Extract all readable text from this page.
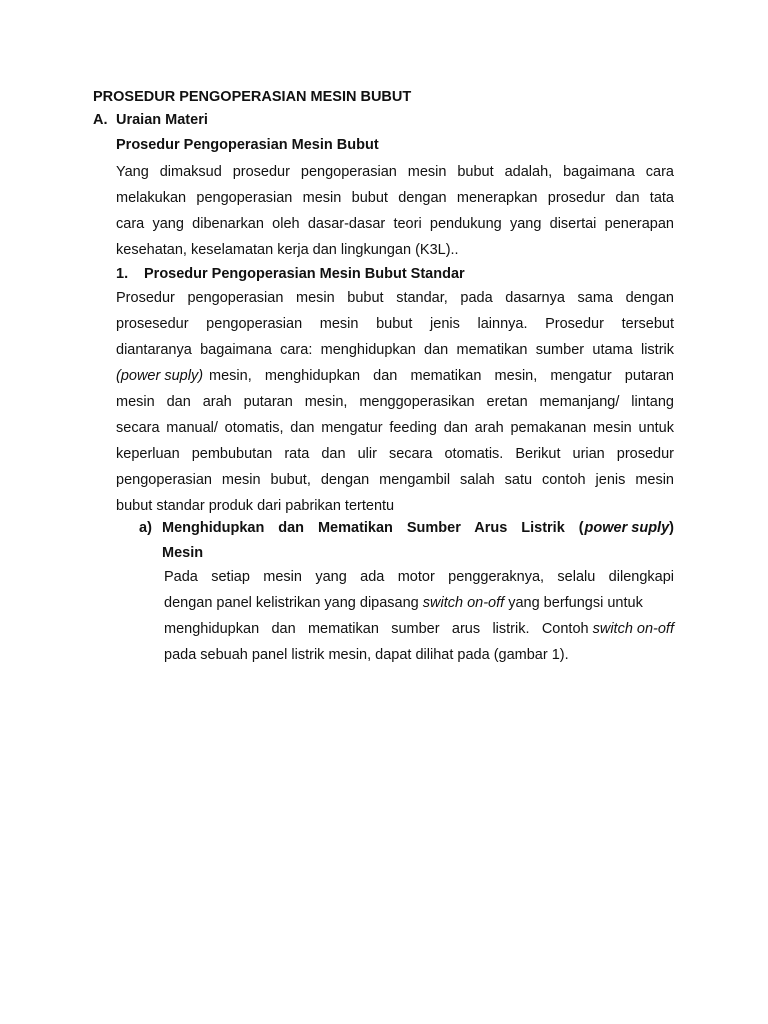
PROSEDUR PENGOPERASIAN MESIN BUBUT
A. Uraian Materi
Prosedur Pengoperasian Mesin Bubut
Yang dimaksud prosedur pengoperasian mesin bubut adalah, bagaimana cara
melakukan pengoperasian mesin bubut dengan menerapkan prosedur dan tata
cara yang dibenarkan oleh dasar-dasar teori pendukung yang disertai penerapan
kesehatan, keselamatan kerja dan lingkungan (K3L)..
1. Prosedur Pengoperasian Mesin Bubut Standar
Prosedur pengoperasian mesin bubut standar, pada dasarnya sama dengan
prosesedur pengoperasian mesin bubut jenis lainnya. Prosedur tersebut
diantaranya bagaimana cara: menghidupkan dan mematikan sumber utama listrik
(power suply) mesin, menghidupkan dan mematikan mesin, mengatur putaran
mesin dan arah putaran mesin, menggoperasikan eretan memanjang/ lintang
secara manual/ otomatis, dan mengatur feeding dan arah pemakanan mesin untuk
keperluan pembubutan rata dan ulir secara otomatis. Berikut urian prosedur
pengoperasian mesin bubut, dengan mengambil salah satu contoh jenis mesin
bubut standar produk dari pabrikan tertentu
a) Menghidupkan dan Mematikan Sumber Arus Listrik ( power suply )
Mesin
Pada setiap mesin yang ada motor penggeraknya, selalu dilengkapi
dengan panel kelistrikan yang dipasang switch on-off yang berfungsi untuk
menghidupkan dan mematikan sumber arus listrik. Contoh switch on-off
pada sebuah panel listrik mesin, dapat dilihat pada (gambar 1).
